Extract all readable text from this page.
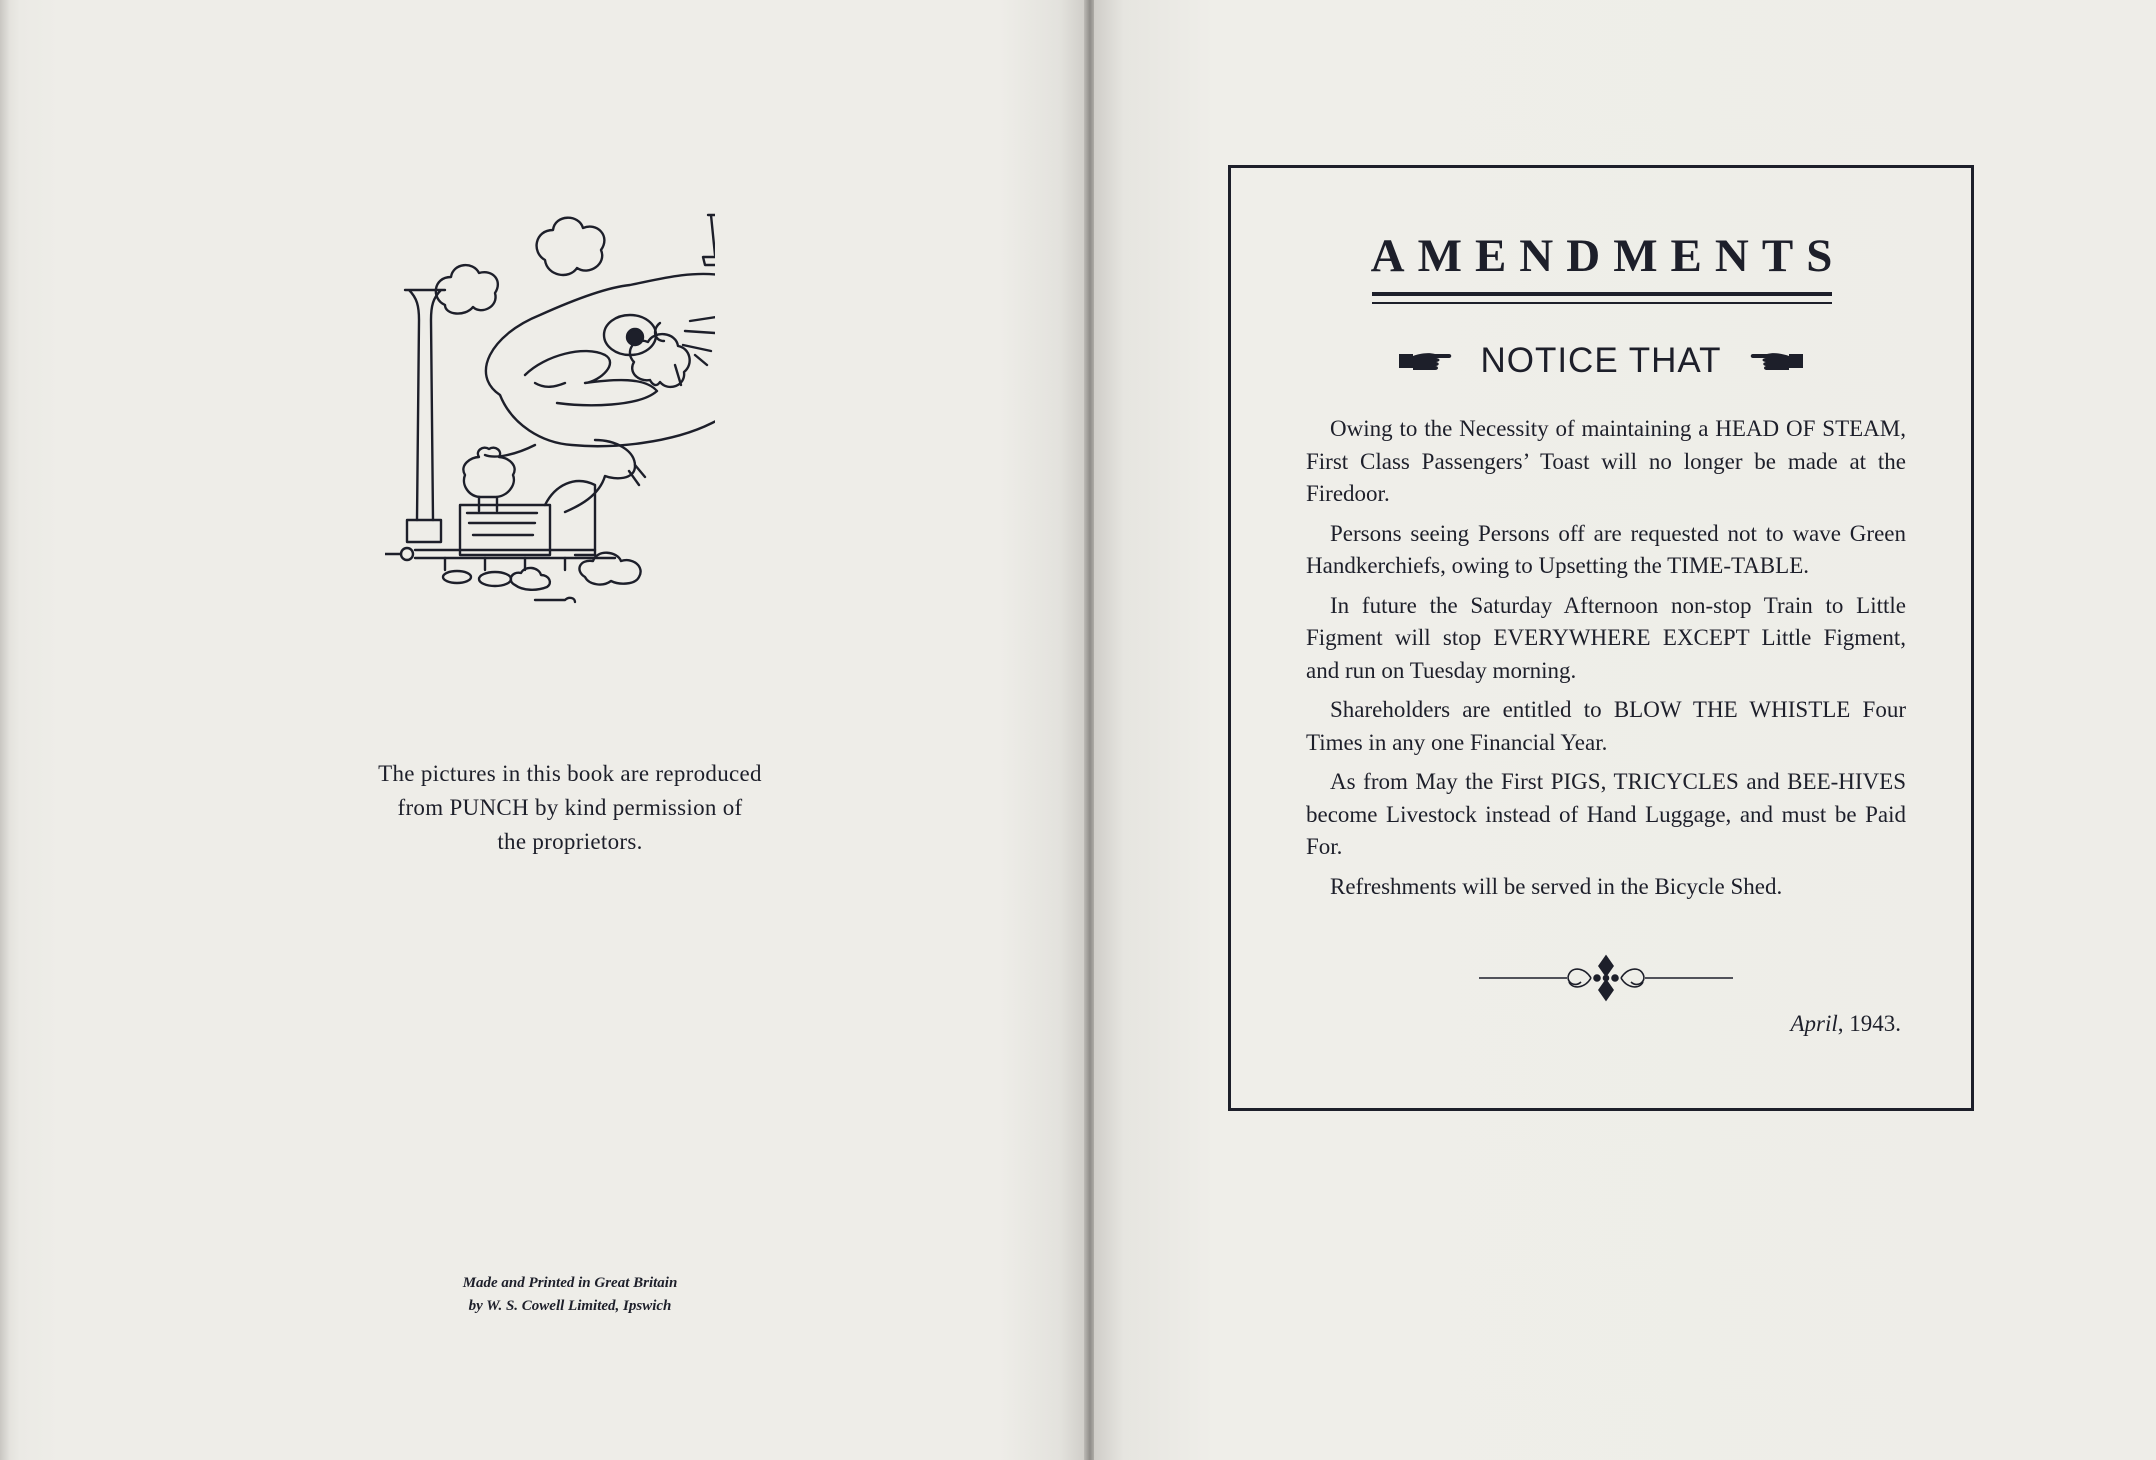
The pictures in this book are reproduced
from PUNCH by kind permission of
the proprietors.
Made and Printed in Great Britain
by W. S. Cowell Limited, Ipswich
AMENDMENTS
NOTICE THAT

Owing to the Necessity of maintaining a HEAD OF STEAM, First Class Passengers’ Toast will no longer be made at the Firedoor.

Persons seeing Persons off are requested not to wave Green Handkerchiefs, owing to Upsetting the TIME-TABLE.

In future the Saturday Afternoon non-stop Train to Little Figment will stop EVERYWHERE EXCEPT Little Figment, and run on Tuesday morning.

Shareholders are entitled to BLOW THE WHISTLE Four Times in any one Financial Year.

As from May the First PIGS, TRICYCLES and BEE-HIVES become Livestock instead of Hand Luggage, and must be Paid For.

Refreshments will be served in the Bicycle Shed.

April, 1943.
